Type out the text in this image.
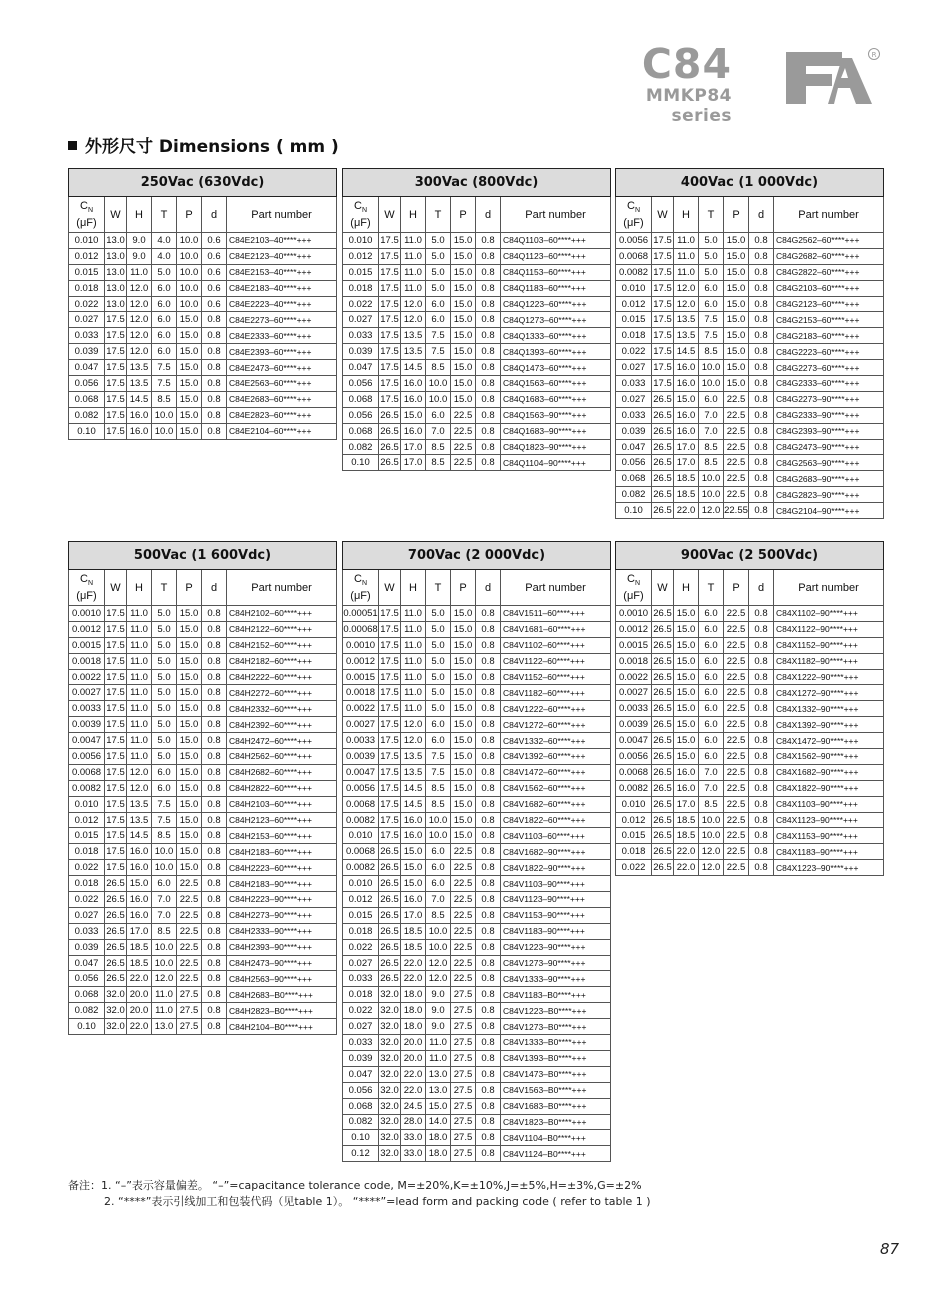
C84
MMKP84 series
R
外形尺寸 Dimensions ( mm )
250Vac (630Vdc)						
$C_N$
(μF)	W	H	T	P	d	Part number
0.010	13.0	9.0	4.0	10.0	0.6	C84E2103–40****+++
0.012	13.0	9.0	4.0	10.0	0.6	C84E2123–40****+++
0.015	13.0	11.0	5.0	10.0	0.6	C84E2153–40****+++
0.018	13.0	12.0	6.0	10.0	0.6	C84E2183–40****+++
0.022	13.0	12.0	6.0	10.0	0.6	C84E2223–40****+++
0.027	17.5	12.0	6.0	15.0	0.8	C84E2273–60****+++
0.033	17.5	12.0	6.0	15.0	0.8	C84E2333–60****+++
0.039	17.5	12.0	6.0	15.0	0.8	C84E2393–60****+++
0.047	17.5	13.5	7.5	15.0	0.8	C84E2473–60****+++
0.056	17.5	13.5	7.5	15.0	0.8	C84E2563–60****+++
0.068	17.5	14.5	8.5	15.0	0.8	C84E2683–60****+++
0.082	17.5	16.0	10.0	15.0	0.8	C84E2823–60****+++
0.10	17.5	16.0	10.0	15.0	0.8	C84E2104–60****+++
300Vac (800Vdc)						
$C_N$
(μF)	W	H	T	P	d	Part number
0.010	17.5	11.0	5.0	15.0	0.8	C84Q1103–60****+++
0.012	17.5	11.0	5.0	15.0	0.8	C84Q1123–60****+++
0.015	17.5	11.0	5.0	15.0	0.8	C84Q1153–60****+++
0.018	17.5	11.0	5.0	15.0	0.8	C84Q1183–60****+++
0.022	17.5	12.0	6.0	15.0	0.8	C84Q1223–60****+++
0.027	17.5	12.0	6.0	15.0	0.8	C84Q1273–60****+++
0.033	17.5	13.5	7.5	15.0	0.8	C84Q1333–60****+++
0.039	17.5	13.5	7.5	15.0	0.8	C84Q1393–60****+++
0.047	17.5	14.5	8.5	15.0	0.8	C84Q1473–60****+++
0.056	17.5	16.0	10.0	15.0	0.8	C84Q1563–60****+++
0.068	17.5	16.0	10.0	15.0	0.8	C84Q1683–60****+++
0.056	26.5	15.0	6.0	22.5	0.8	C84Q1563–90****+++
0.068	26.5	16.0	7.0	22.5	0.8	C84Q1683–90****+++
0.082	26.5	17.0	8.5	22.5	0.8	C84Q1823–90****+++
0.10	26.5	17.0	8.5	22.5	0.8	C84Q1104–90****+++
400Vac (1 000Vdc)						
$C_N$
(μF)	W	H	T	P	d	Part number
0.0056	17.5	11.0	5.0	15.0	0.8	C84G2562–60****+++
0.0068	17.5	11.0	5.0	15.0	0.8	C84G2682–60****+++
0.0082	17.5	11.0	5.0	15.0	0.8	C84G2822–60****+++
0.010	17.5	12.0	6.0	15.0	0.8	C84G2103–60****+++
0.012	17.5	12.0	6.0	15.0	0.8	C84G2123–60****+++
0.015	17.5	13.5	7.5	15.0	0.8	C84G2153–60****+++
0.018	17.5	13.5	7.5	15.0	0.8	C84G2183–60****+++
0.022	17.5	14.5	8.5	15.0	0.8	C84G2223–60****+++
0.027	17.5	16.0	10.0	15.0	0.8	C84G2273–60****+++
0.033	17.5	16.0	10.0	15.0	0.8	C84G2333–60****+++
0.027	26.5	15.0	6.0	22.5	0.8	C84G2273–90****+++
0.033	26.5	16.0	7.0	22.5	0.8	C84G2333–90****+++
0.039	26.5	16.0	7.0	22.5	0.8	C84G2393–90****+++
0.047	26.5	17.0	8.5	22.5	0.8	C84G2473–90****+++
0.056	26.5	17.0	8.5	22.5	0.8	C84G2563–90****+++
0.068	26.5	18.5	10.0	22.5	0.8	C84G2683–90****+++
0.082	26.5	18.5	10.0	22.5	0.8	C84G2823–90****+++
0.10	26.5	22.0	12.0	22.55	0.8	C84G2104–90****+++
500Vac (1 600Vdc)						
$C_N$
(μF)	W	H	T	P	d	Part number
0.0010	17.5	11.0	5.0	15.0	0.8	C84H2102–60****+++
0.0012	17.5	11.0	5.0	15.0	0.8	C84H2122–60****+++
0.0015	17.5	11.0	5.0	15.0	0.8	C84H2152–60****+++
0.0018	17.5	11.0	5.0	15.0	0.8	C84H2182–60****+++
0.0022	17.5	11.0	5.0	15.0	0.8	C84H2222–60****+++
0.0027	17.5	11.0	5.0	15.0	0.8	C84H2272–60****+++
0.0033	17.5	11.0	5.0	15.0	0.8	C84H2332–60****+++
0.0039	17.5	11.0	5.0	15.0	0.8	C84H2392–60****+++
0.0047	17.5	11.0	5.0	15.0	0.8	C84H2472–60****+++
0.0056	17.5	11.0	5.0	15.0	0.8	C84H2562–60****+++
0.0068	17.5	12.0	6.0	15.0	0.8	C84H2682–60****+++
0.0082	17.5	12.0	6.0	15.0	0.8	C84H2822–60****+++
0.010	17.5	13.5	7.5	15.0	0.8	C84H2103–60****+++
0.012	17.5	13.5	7.5	15.0	0.8	C84H2123–60****+++
0.015	17.5	14.5	8.5	15.0	0.8	C84H2153–60****+++
0.018	17.5	16.0	10.0	15.0	0.8	C84H2183–60****+++
0.022	17.5	16.0	10.0	15.0	0.8	C84H2223–60****+++
0.018	26.5	15.0	6.0	22.5	0.8	C84H2183–90****+++
0.022	26.5	16.0	7.0	22.5	0.8	C84H2223–90****+++
0.027	26.5	16.0	7.0	22.5	0.8	C84H2273–90****+++
0.033	26.5	17.0	8.5	22.5	0.8	C84H2333–90****+++
0.039	26.5	18.5	10.0	22.5	0.8	C84H2393–90****+++
0.047	26.5	18.5	10.0	22.5	0.8	C84H2473–90****+++
0.056	26.5	22.0	12.0	22.5	0.8	C84H2563–90****+++
0.068	32.0	20.0	11.0	27.5	0.8	C84H2683–B0****+++
0.082	32.0	20.0	11.0	27.5	0.8	C84H2823–B0****+++
0.10	32.0	22.0	13.0	27.5	0.8	C84H2104–B0****+++
700Vac (2 000Vdc)						
$C_N$
(μF)	W	H	T	P	d	Part number
0.00051	17.5	11.0	5.0	15.0	0.8	C84V1511–60****+++
0.00068	17.5	11.0	5.0	15.0	0.8	C84V1681–60****+++
0.0010	17.5	11.0	5.0	15.0	0.8	C84V1102–60****+++
0.0012	17.5	11.0	5.0	15.0	0.8	C84V1122–60****+++
0.0015	17.5	11.0	5.0	15.0	0.8	C84V1152–60****+++
0.0018	17.5	11.0	5.0	15.0	0.8	C84V1182–60****+++
0.0022	17.5	11.0	5.0	15.0	0.8	C84V1222–60****+++
0.0027	17.5	12.0	6.0	15.0	0.8	C84V1272–60****+++
0.0033	17.5	12.0	6.0	15.0	0.8	C84V1332–60****+++
0.0039	17.5	13.5	7.5	15.0	0.8	C84V1392–60****+++
0.0047	17.5	13.5	7.5	15.0	0.8	C84V1472–60****+++
0.0056	17.5	14.5	8.5	15.0	0.8	C84V1562–60****+++
0.0068	17.5	14.5	8.5	15.0	0.8	C84V1682–60****+++
0.0082	17.5	16.0	10.0	15.0	0.8	C84V1822–60****+++
0.010	17.5	16.0	10.0	15.0	0.8	C84V1103–60****+++
0.0068	26.5	15.0	6.0	22.5	0.8	C84V1682–90****+++
0.0082	26.5	15.0	6.0	22.5	0.8	C84V1822–90****+++
0.010	26.5	15.0	6.0	22.5	0.8	C84V1103–90****+++
0.012	26.5	16.0	7.0	22.5	0.8	C84V1123–90****+++
0.015	26.5	17.0	8.5	22.5	0.8	C84V1153–90****+++
0.018	26.5	18.5	10.0	22.5	0.8	C84V1183–90****+++
0.022	26.5	18.5	10.0	22.5	0.8	C84V1223–90****+++
0.027	26.5	22.0	12.0	22.5	0.8	C84V1273–90****+++
0.033	26.5	22.0	12.0	22.5	0.8	C84V1333–90****+++
0.018	32.0	18.0	9.0	27.5	0.8	C84V1183–B0****+++
0.022	32.0	18.0	9.0	27.5	0.8	C84V1223–B0****+++
0.027	32.0	18.0	9.0	27.5	0.8	C84V1273–B0****+++
0.033	32.0	20.0	11.0	27.5	0.8	C84V1333–B0****+++
0.039	32.0	20.0	11.0	27.5	0.8	C84V1393–B0****+++
0.047	32.0	22.0	13.0	27.5	0.8	C84V1473–B0****+++
0.056	32.0	22.0	13.0	27.5	0.8	C84V1563–B0****+++
0.068	32.0	24.5	15.0	27.5	0.8	C84V1683–B0****+++
0.082	32.0	28.0	14.0	27.5	0.8	C84V1823–B0****+++
0.10	32.0	33.0	18.0	27.5	0.8	C84V1104–B0****+++
0.12	32.0	33.0	18.0	27.5	0.8	C84V1124–B0****+++
900Vac (2 500Vdc)						
$C_N$
(μF)	W	H	T	P	d	Part number
0.0010	26.5	15.0	6.0	22.5	0.8	C84X1102–90****+++
0.0012	26.5	15.0	6.0	22.5	0.8	C84X1122–90****+++
0.0015	26.5	15.0	6.0	22.5	0.8	C84X1152–90****+++
0.0018	26.5	15.0	6.0	22.5	0.8	C84X1182–90****+++
0.0022	26.5	15.0	6.0	22.5	0.8	C84X1222–90****+++
0.0027	26.5	15.0	6.0	22.5	0.8	C84X1272–90****+++
0.0033	26.5	15.0	6.0	22.5	0.8	C84X1332–90****+++
0.0039	26.5	15.0	6.0	22.5	0.8	C84X1392–90****+++
0.0047	26.5	15.0	6.0	22.5	0.8	C84X1472–90****+++
0.0056	26.5	15.0	6.0	22.5	0.8	C84X1562–90****+++
0.0068	26.5	16.0	7.0	22.5	0.8	C84X1682–90****+++
0.0082	26.5	16.0	7.0	22.5	0.8	C84X1822–90****+++
0.010	26.5	17.0	8.5	22.5	0.8	C84X1103–90****+++
0.012	26.5	18.5	10.0	22.5	0.8	C84X1123–90****+++
0.015	26.5	18.5	10.0	22.5	0.8	C84X1153–90****+++
0.018	26.5	22.0	12.0	22.5	0.8	C84X1183–90****+++
0.022	26.5	22.0	12.0	22.5	0.8	C84X1223–90****+++
备注：1. “–”表示容量偏差。 “–”=capacitance tolerance code, M=±20%,K=±10%,J=±5%,H=±3%,G=±2%
2. “****”表示引线加工和包装代码（见table 1）。 “****”=lead form and packing code ( refer to table 1 )
87
